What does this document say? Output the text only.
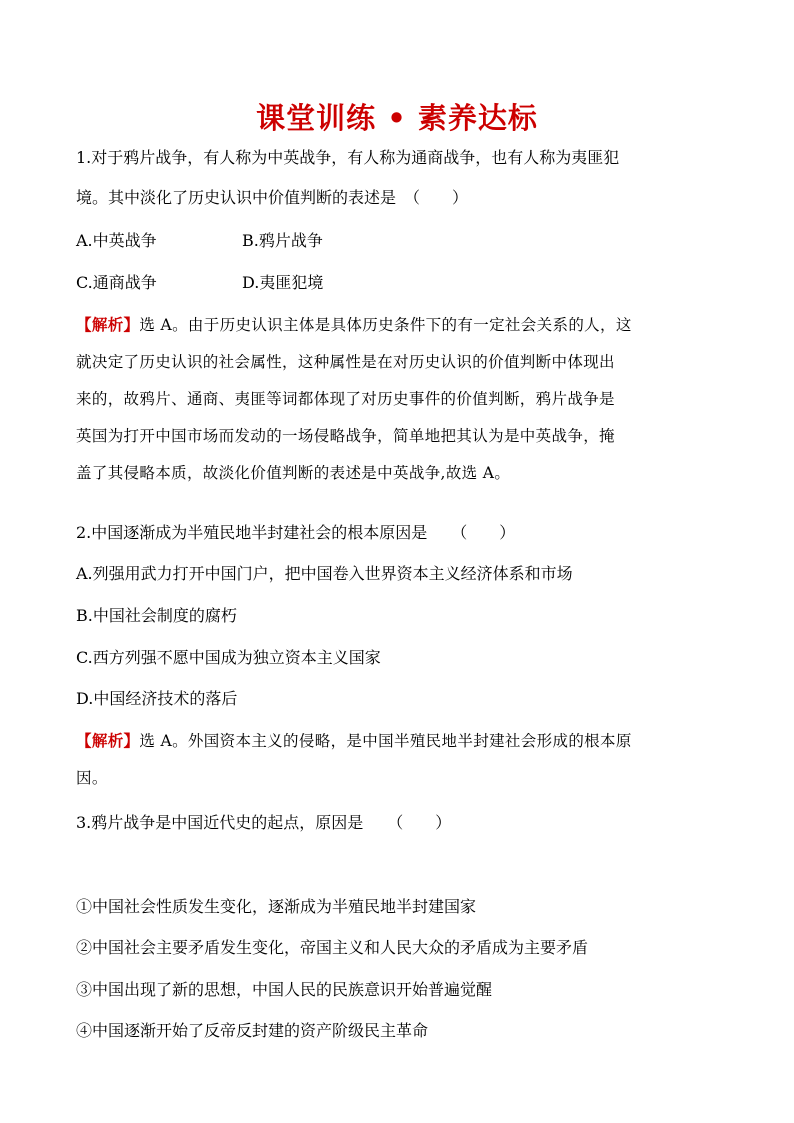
课堂训练 • 素养达标
1.对于鸦片战争，有人称为中英战争，有人称为通商战争，也有人称为夷匪犯
境。其中淡化了历史认识中价值判断的表述是　（　　）
A.中英战争	B.鸦片战争
C.通商战争	D.夷匪犯境
【解析】选 A。由于历史认识主体是具体历史条件下的有一定社会关系的人，这
就决定了历史认识的社会属性，这种属性是在对历史认识的价值判断中体现出
来的，故鸦片、通商、夷匪等词都体现了对历史事件的价值判断，鸦片战争是
英国为打开中国市场而发动的一场侵略战争，简单地把其认为是中英战争，掩
盖了其侵略本质，故淡化价值判断的表述是中英战争,故选 A。
2.中国逐渐成为半殖民地半封建社会的根本原因是　　（　　）
A.列强用武力打开中国门户，把中国卷入世界资本主义经济体系和市场
B.中国社会制度的腐朽
C.西方列强不愿中国成为独立资本主义国家
D.中国经济技术的落后
【解析】选 A。外国资本主义的侵略，是中国半殖民地半封建社会形成的根本原
因。
3.鸦片战争是中国近代史的起点，原因是　　（　　）
①中国社会性质发生变化，逐渐成为半殖民地半封建国家
②中国社会主要矛盾发生变化，帝国主义和人民大众的矛盾成为主要矛盾
③中国出现了新的思想，中国人民的民族意识开始普遍觉醒
④中国逐渐开始了反帝反封建的资产阶级民主革命
